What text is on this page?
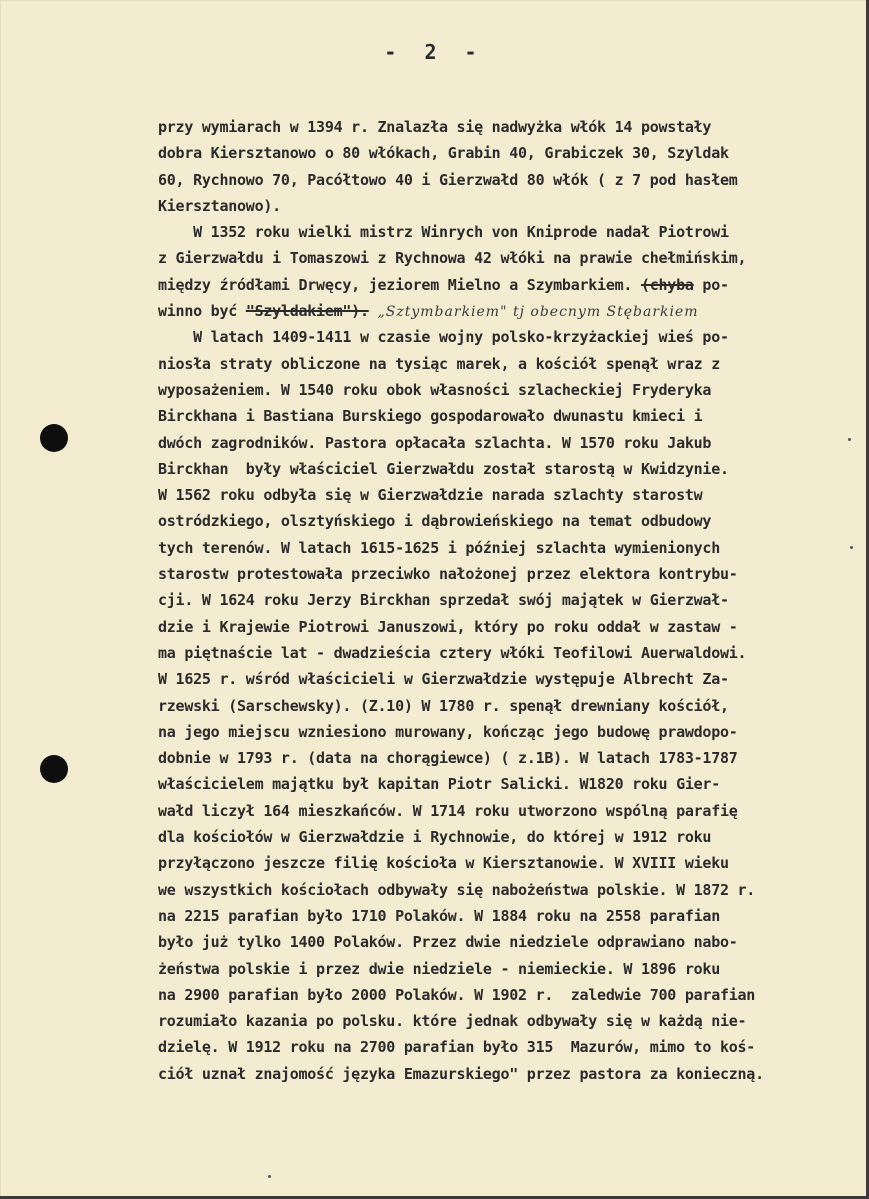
- 2 -
przy wymiarach w 1394 r. Znalazła się nadwyżka włók 14 powstały
dobra Kiersztanowo o 80 włókach, Grabin 40, Grabiczek 30, Szyldak
60, Rychnowo 70, Pacółtowo 40 i Gierzwałd 80 włók ( z 7 pod hasłem
Kiersztanowo).
W 1352 roku wielki mistrz Winrych von Kniprode nadał Piotrowi
z Gierzwałdu i Tomaszowi z Rychnowa 42 włóki na prawie chełmińskim,
między źródłami Drwęcy, jeziorem Mielno a Szymbarkiem. (chyba po-
winno być "Szyldakiem"). „Sztymbarkiem" tj obecnym Stębarkiem
W latach 1409-1411 w czasie wojny polsko-krzyżackiej wieś po-
niosła straty obliczone na tysiąc marek, a kościół spenął wraz z
wyposażeniem. W 1540 roku obok własności szlacheckiej Fryderyka
Birckhana i Bastiana Burskiego gospodarowało dwunastu kmieci i
dwóch zagrodników. Pastora opłacała szlachta. W 1570 roku Jakub
Birckhan  były właściciel Gierzwałdu został starostą w Kwidzynie.
W 1562 roku odbyła się w Gierzwałdzie narada szlachty starostw
ostródzkiego, olsztyńskiego i dąbrowieńskiego na temat odbudowy
tych terenów. W latach 1615-1625 i później szlachta wymienionych
starostw protestowała przeciwko nałożonej przez elektora kontrybu-
cji. W 1624 roku Jerzy Birckhan sprzedał swój majątek w Gierzwał-
dzie i Krajewie Piotrowi Januszowi, który po roku oddał w zastaw -
ma piętnaście lat - dwadzieścia cztery włóki Teofilowi Auerwaldowi.
W 1625 r. wśród właścicieli w Gierzwałdzie występuje Albrecht Za-
rzewski (Sarschewsky). (Z.10) W 1780 r. spenął drewniany kościół,
na jego miejscu wzniesiono murowany, kończąc jego budowę prawdopo-
dobnie w 1793 r. (data na chorągiewce) ( z.1B). W latach 1783-1787
właścicielem majątku był kapitan Piotr Salicki. W1820 roku Gier-
wałd liczył 164 mieszkańców. W 1714 roku utworzono wspólną parafię
dla kościołów w Gierzwałdzie i Rychnowie, do której w 1912 roku
przyłączono jeszcze filię kościoła w Kiersztanowie. W XVIII wieku
we wszystkich kościołach odbywały się nabożeństwa polskie. W 1872 r.
na 2215 parafian było 1710 Polaków. W 1884 roku na 2558 parafian
było już tylko 1400 Polaków. Przez dwie niedziele odprawiano nabo-
żeństwa polskie i przez dwie niedziele - niemieckie. W 1896 roku
na 2900 parafian było 2000 Polaków. W 1902 r.  zaledwie 700 parafian
rozumiało kazania po polsku. które jednak odbywały się w każdą nie-
dzielę. W 1912 roku na 2700 parafian było 315  Mazurów, mimo to koś-
ciół uznał znajomość języka Emazurskiego" przez pastora za konieczną.
